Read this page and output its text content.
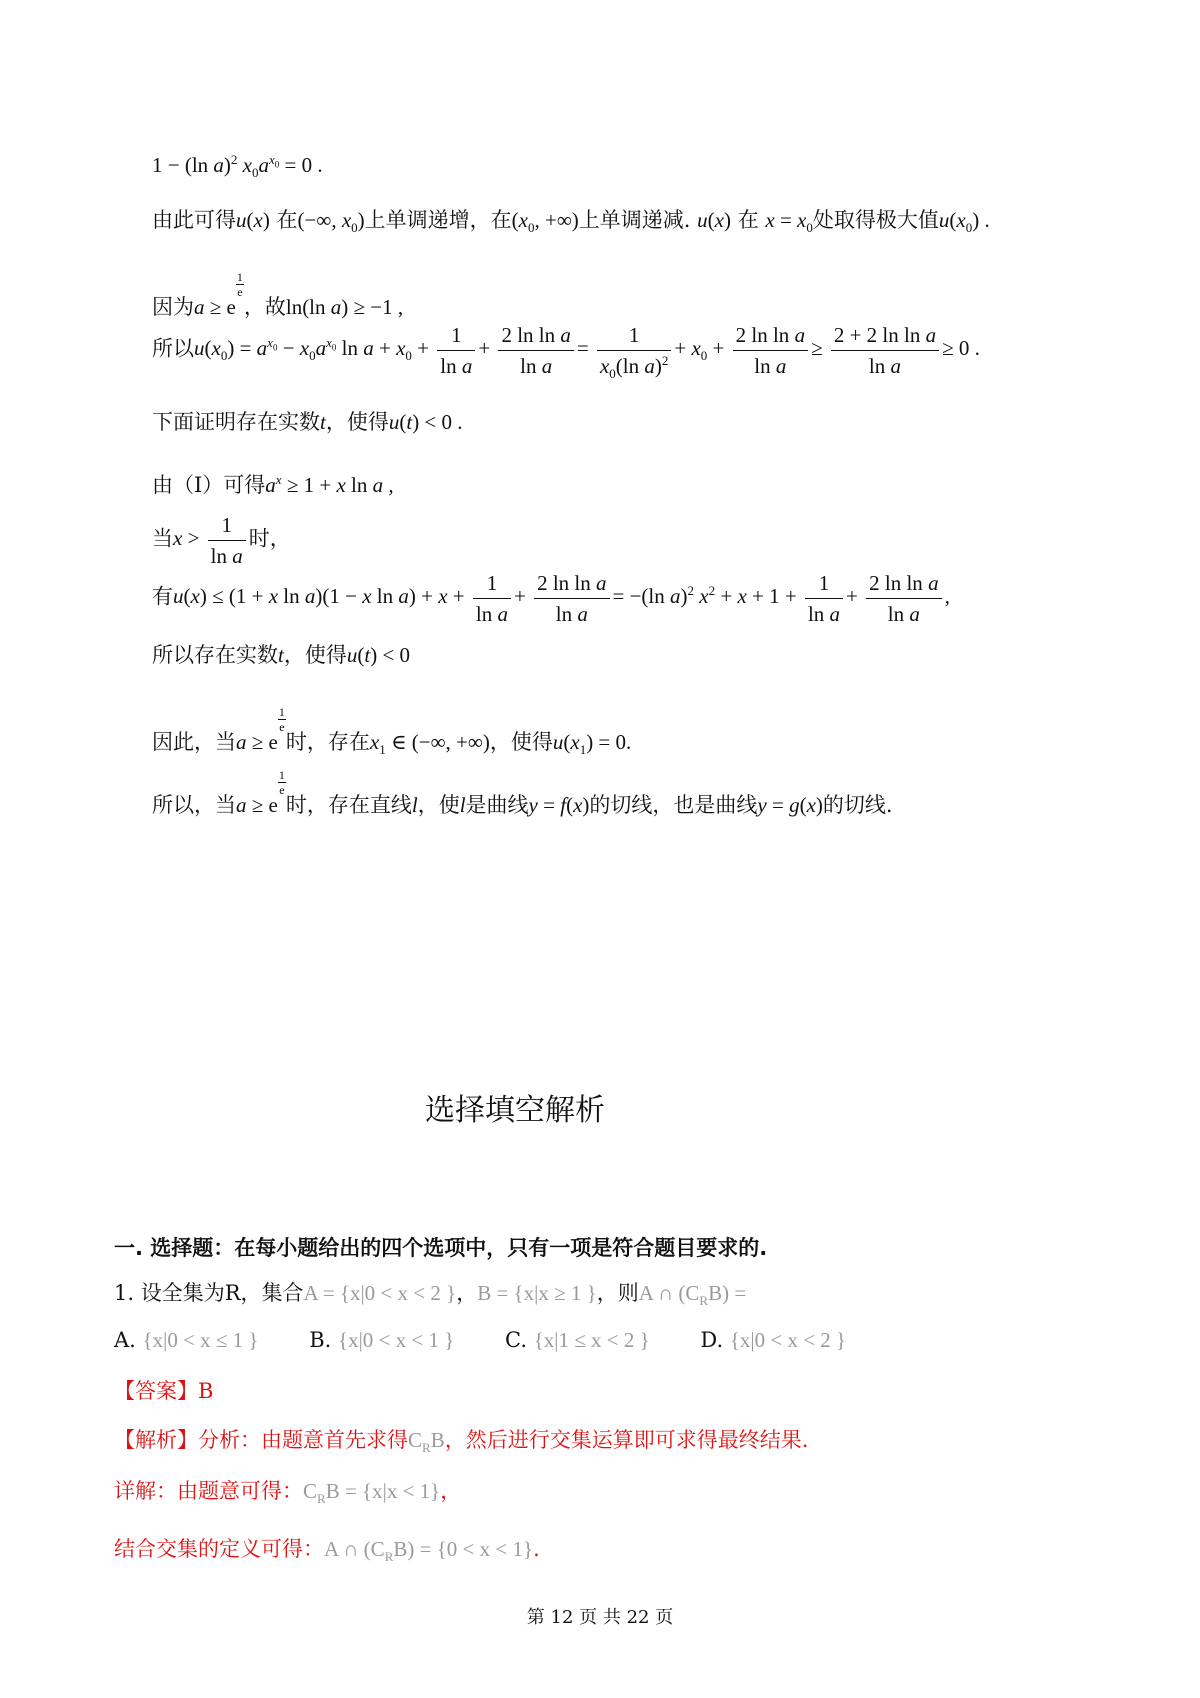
1 − (ln a)$^2$ $x_0a^{x_0} = 0$ .
由此可得u(x) 在(−∞, $x_0$)上单调递增，在($x_0$, +∞)上单调递减. u(x) 在 $x = x_0$处取得极大值$u(x_0)$ .
因为a ≥ e
$\frac{1}{e}$
，故ln(ln a) ≥ −1 ,
所以$u(x_0) = a^{x_0} - x_0a^{x_0}$ $\ln a + x_0 + \frac{1}{\text{ln a}} + \frac{\text{2 ln ln a}}{\text{ln a}} = \frac{1}{x_0(\ln a)^2} + x_0 + \frac{\text{2 ln ln a}}{\text{ln a}} \ge \frac{\text{2 + 2 ln ln a}}{\text{ln a}} \ge 0$ .
下面证明存在实数t，使得u(t) < 0 .
由（I）可得$a^x \ge 1 + x$ ln a ,
当$x > \frac{1}{\text{ln a}}$ 时，
有u(x) ≤ (1 + x ln a)(1 − x $\ln a) + x + \frac{1}{\text{ln a}} + \frac{\text{2 ln ln a}}{\text{ln a}} = -(\ln$ a)$^2$ $x^2 + x + 1 + \frac{1}{\text{ln a}} + \frac{\text{2 ln ln a}}{\text{ln a}}$ ,
所以存在实数t，使得u(t) < 0
因此，当a ≥ e
$\frac{1}{e}$
时，存在$x_1$ ∈ (−∞, +∞)，使得$u(x_1) = 0$.
所以，当a ≥ e
$\frac{1}{e}$
时，存在直线l，使l是曲线y = f(x)的切线，也是曲线y = g(x)的切线.
选择填空解析
一. 选择题：在每小题给出的四个选项中，只有一项是符合题目要求的.
1. 设全集为R，集合A = {x|0 < x < 2 }，B = {x|x ≥ 1 }，则A ∩ $(C_RB)$ =
A. {x|0 < x ≤ 1 } B. {x|0 < x < 1 } C. {x|1 ≤ x < 2 } D. {x|0 < x < 2 }
【答案】B
【解析】分析：由题意首先求得$C_RB$，然后进行交集运算即可求得最终结果.
详解：由题意可得：$C_RB = \{x|x < 1\}$，
结合交集的定义可得：A ∩ $(C_RB) = \{0 < x < 1\}$.
第 12 页 共 22 页
